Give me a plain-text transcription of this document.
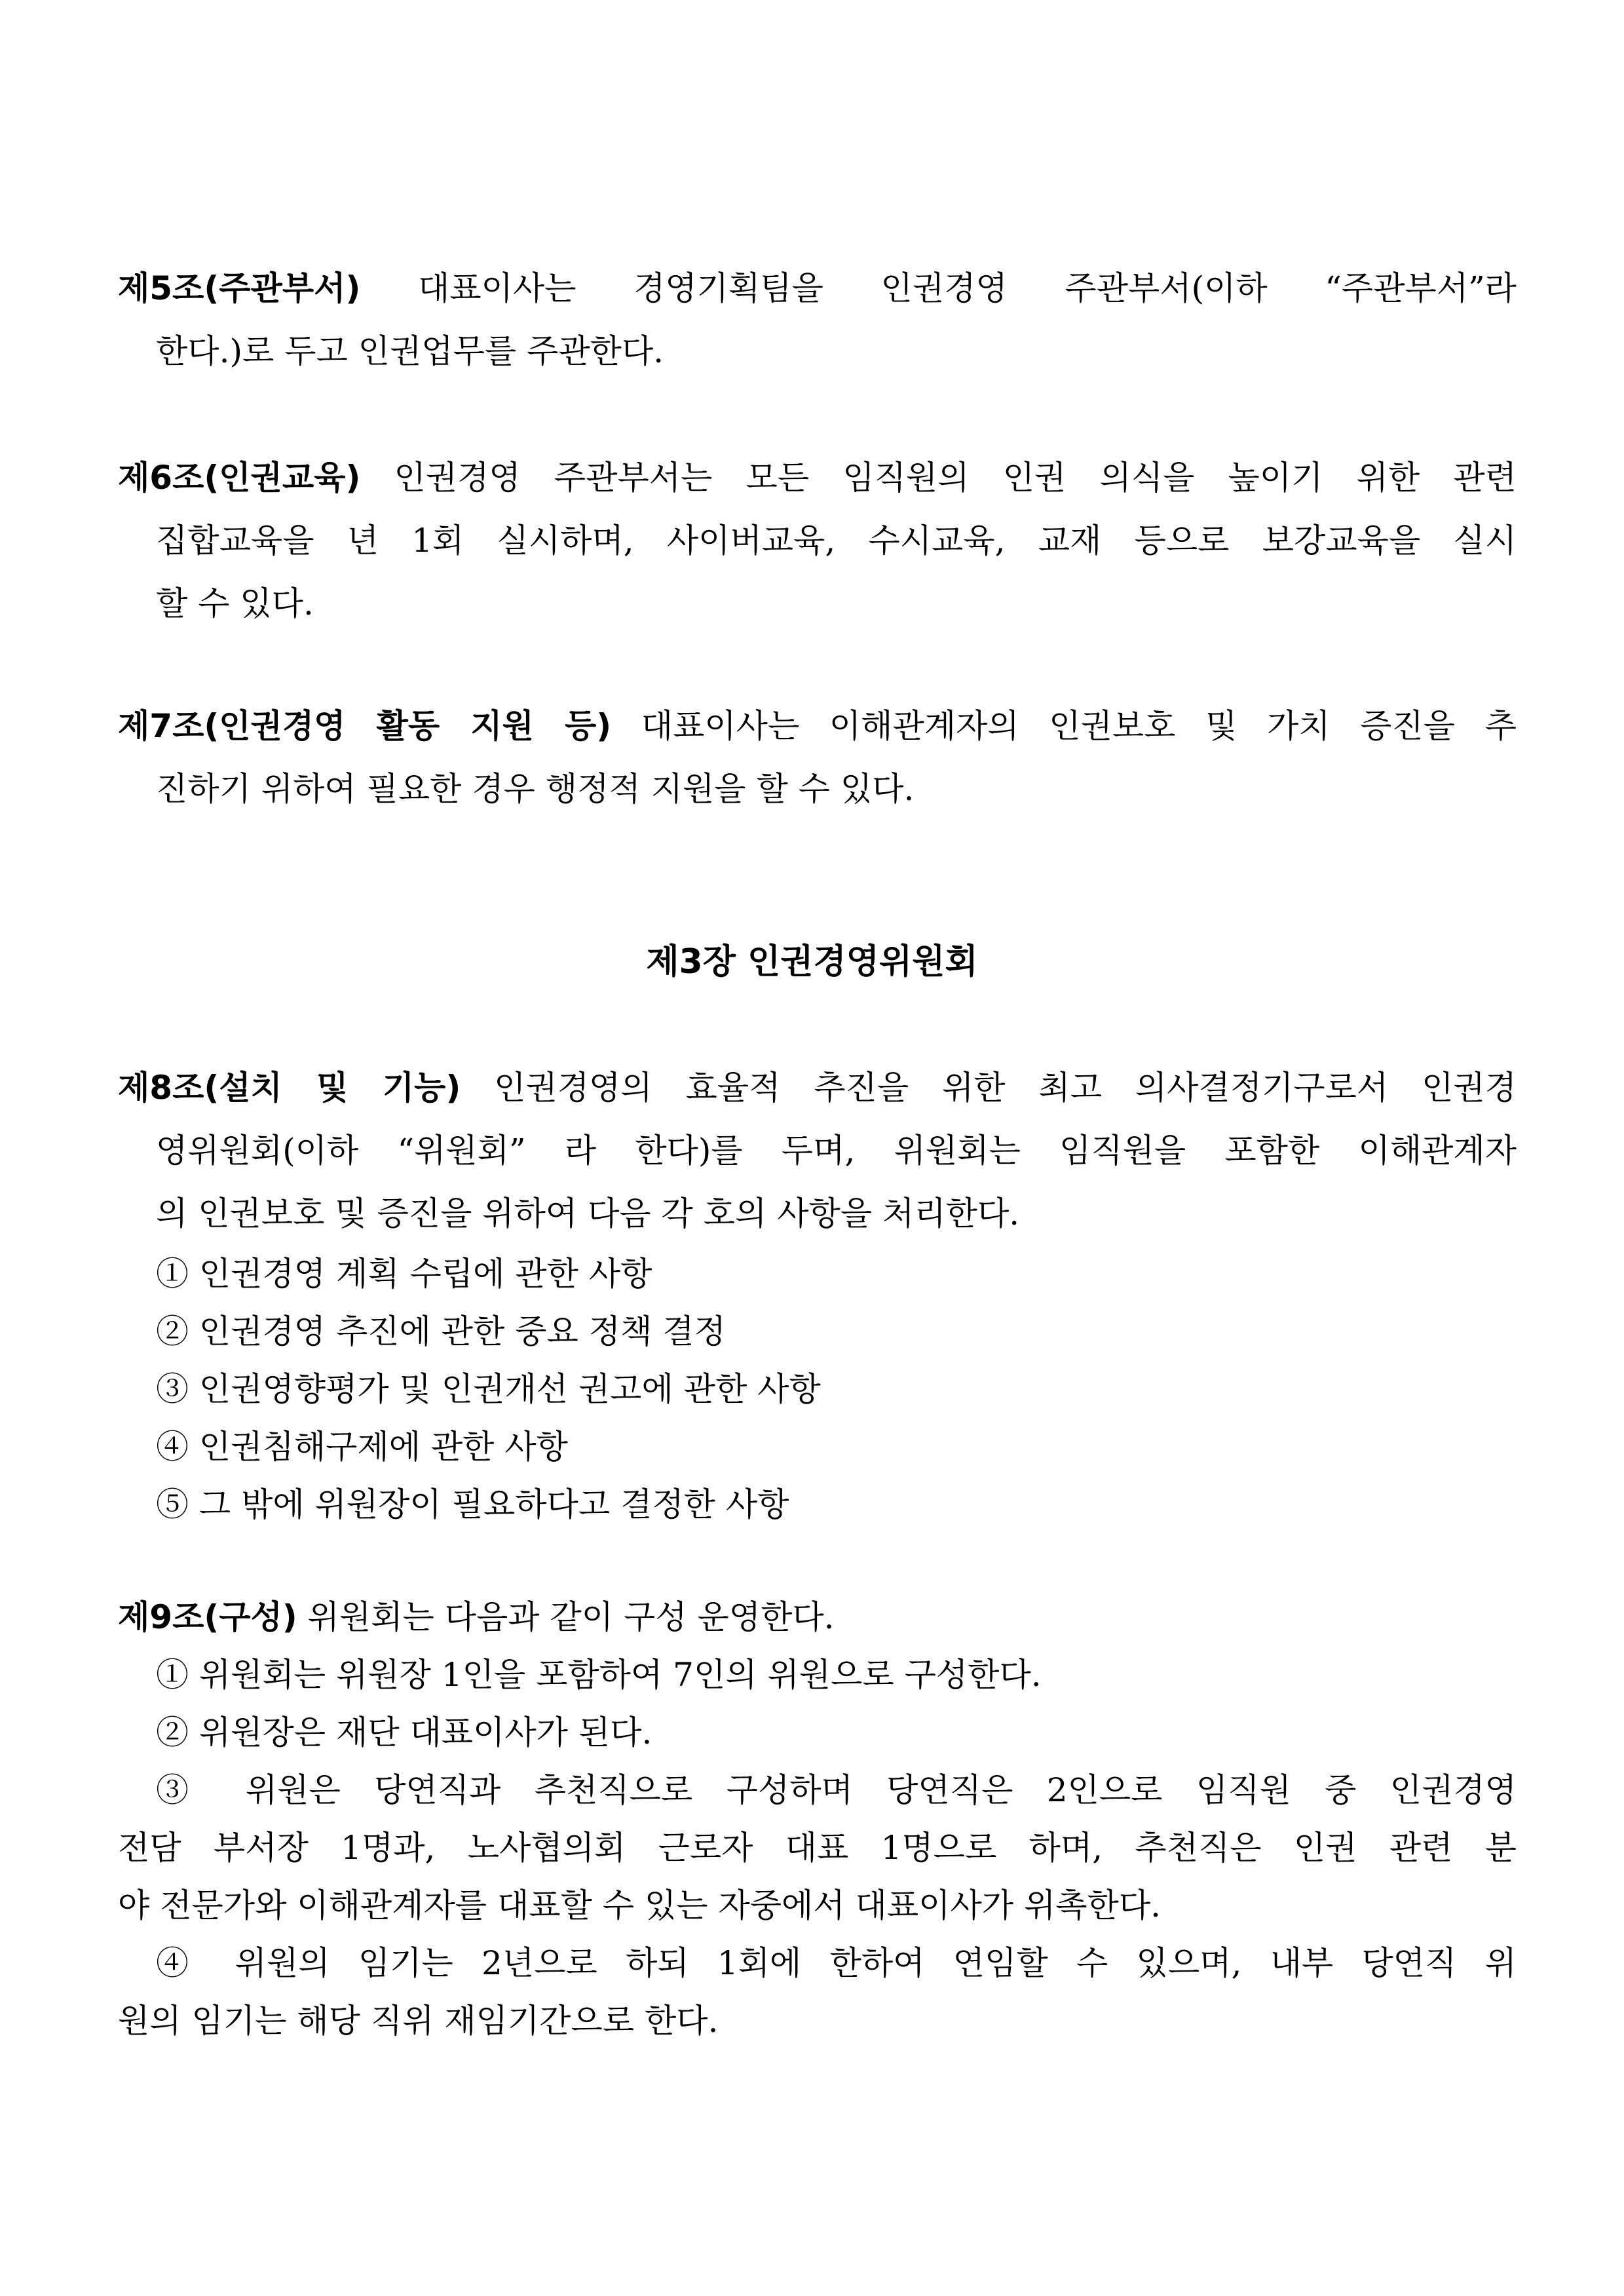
제5조(주관부서) 대표이사는 경영기획팀을 인권경영 주관부서(이하 “주관부서”라
한다.)로 두고 인권업무를 주관한다.
제6조(인권교육) 인권경영 주관부서는 모든 임직원의 인권 의식을 높이기 위한 관련
집합교육을 년 1회 실시하며, 사이버교육, 수시교육, 교재 등으로 보강교육을 실시
할 수 있다.
제7조(인권경영 활동 지원 등) 대표이사는 이해관계자의 인권보호 및 가치 증진을 추
진하기 위하여 필요한 경우 행정적 지원을 할 수 있다.
제3장 인권경영위원회
제8조(설치 및 기능) 인권경영의 효율적 추진을 위한 최고 의사결정기구로서 인권경
영위원회(이하 “위원회” 라 한다)를 두며, 위원회는 임직원을 포함한 이해관계자
의 인권보호 및 증진을 위하여 다음 각 호의 사항을 처리한다.
① 인권경영 계획 수립에 관한 사항
② 인권경영 추진에 관한 중요 정책 결정
③ 인권영향평가 및 인권개선 권고에 관한 사항
④ 인권침해구제에 관한 사항
⑤ 그 밖에 위원장이 필요하다고 결정한 사항
제9조(구성) 위원회는 다음과 같이 구성 운영한다.
① 위원회는 위원장 1인을 포함하여 7인의 위원으로 구성한다.
② 위원장은 재단 대표이사가 된다.
③ 위원은 당연직과 추천직으로 구성하며 당연직은 2인으로 임직원 중 인권경영
전담 부서장 1명과, 노사협의회 근로자 대표 1명으로 하며, 추천직은 인권 관련 분
야 전문가와 이해관계자를 대표할 수 있는 자중에서 대표이사가 위촉한다.
④ 위원의 임기는 2년으로 하되 1회에 한하여 연임할 수 있으며, 내부 당연직 위
원의 임기는 해당 직위 재임기간으로 한다.
